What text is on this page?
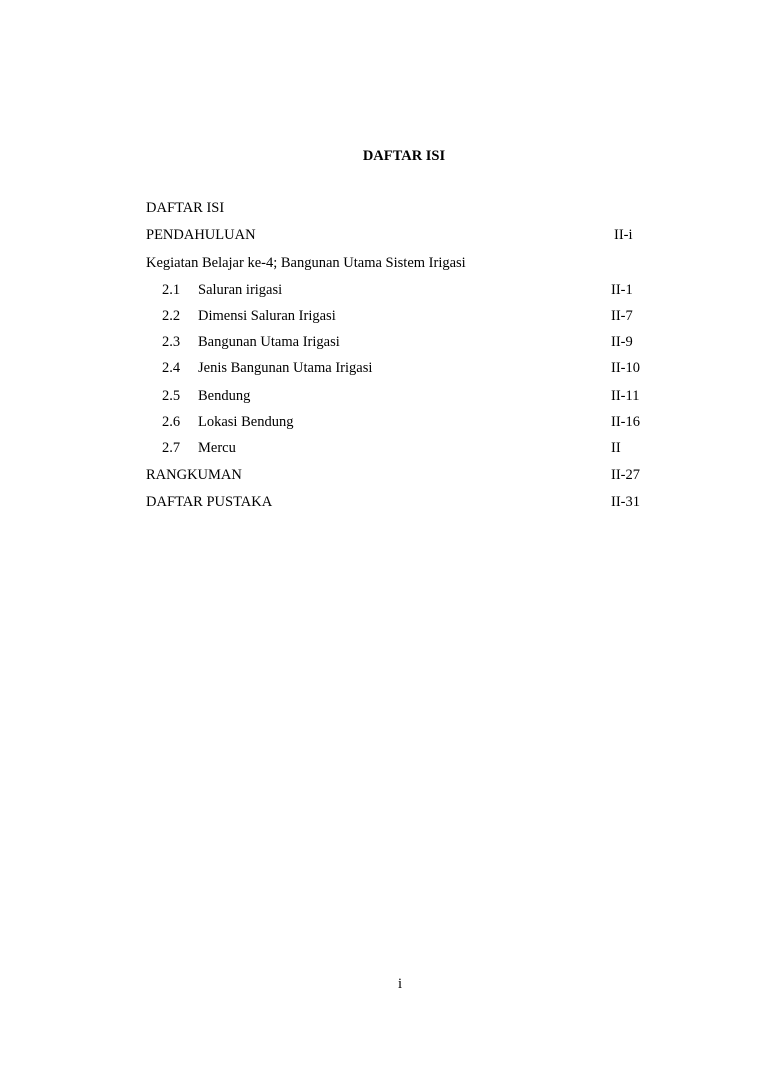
DAFTAR ISI
DAFTAR ISI
PENDAHULUAN	II-i
Kegiatan Belajar ke-4; Bangunan Utama Sistem Irigasi
2.1 Saluran irigasi	II-1
2.2 Dimensi Saluran Irigasi	II-7
2.3 Bangunan Utama Irigasi	II-9
2.4 Jenis Bangunan Utama Irigasi	II-10
2.5 Bendung	II-11
2.6 Lokasi Bendung	II-16
2.7 Mercu	II
RANGKUMAN	II-27
DAFTAR PUSTAKA	II-31
i
